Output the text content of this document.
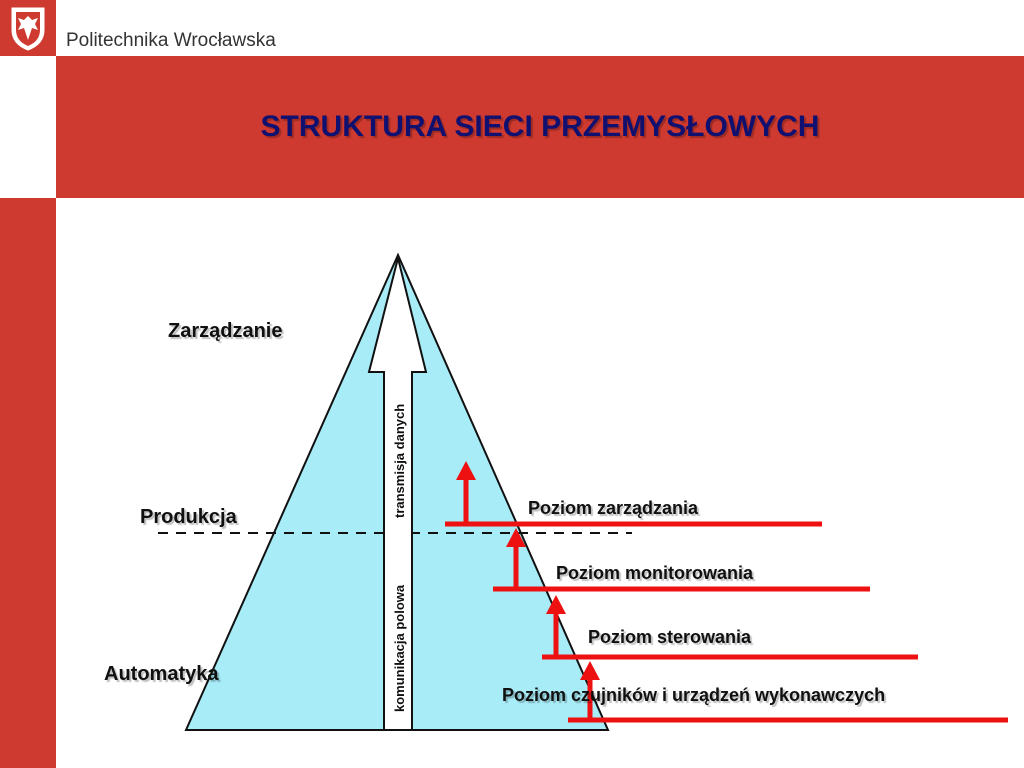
Politechnika Wrocławska
STRUKTURA SIECI PRZEMYSŁOWYCH
transmisja danych
komunikacja polowa
Zarządzanie
Produkcja
Automatyka
Poziom zarządzania
Poziom monitorowania
Poziom sterowania
Poziom czujników i urządzeń wykonawczych
